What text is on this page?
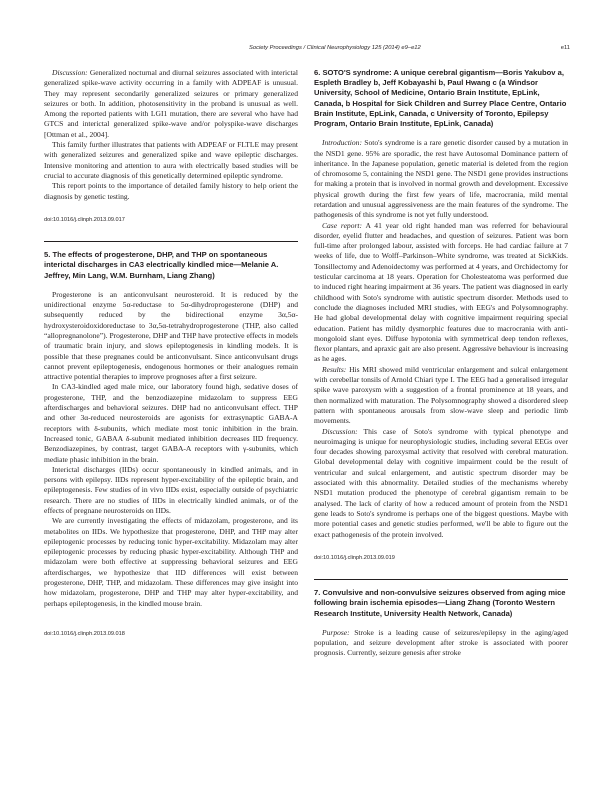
Society Proceedings / Clinical Neurophysiology 125 (2014) e9–e12	e11

Discussion: Generalized nocturnal and diurnal seizures associated with interictal generalized spike-wave activity occurring in a family with ADPEAF is unusual. They may represent secondarily generalized seizures or primary generalized seizures or both. In addition, photosensitivity in the proband is unusual as well. Among the reported patients with LGI1 mutation, there are several who have had GTCS and interictal generalized spike-wave and/or polyspike-wave discharges [Ottman et al., 2004].

This family further illustrates that patients with ADPEAF or FLTLE may present with generalized seizures and generalized spike and wave epileptic discharges. Intensive monitoring and attention to aura with electrically based studies will be crucial to accurate diagnosis of this genetically determined epileptic syndrome.

This report points to the importance of detailed family history to help orient the diagnosis by genetic testing.

doi:10.1016/j.clinph.2013.09.017
5. The effects of progesterone, DHP, and THP on spontaneous interictal discharges in CA3 electrically kindled mice—Melanie A. Jeffrey, Min Lang, W.M. Burnham, Liang Zhang)

Progesterone is an anticonvulsant neurosteroid. It is reduced by the unidirectional enzyme 5α-reductase to 5α-dihydroprogesterone (DHP) and subsequently reduced by the bidirectional enzyme 3α,5α- hydroxysteroidoxidoreductase to 3α,5α-tetrahydroprogesterone (THP, also called “allopregnanolone”). Progesterone, DHP and THP have protective effects in models of traumatic brain injury, and slows epileptogenesis in kindling models. It is possible that these pregnanes could be anticonvulsant. Since anticonvulsant drugs cannot prevent epileptogenesis, endogenous hormones or their analogues remain attractive potential therapies to improve prognoses after a first seizure.

In CA3-kindled aged male mice, our laboratory found high, sedative doses of progesterone, THP, and the benzodiazepine midazolam to suppress EEG afterdischarges and behavioral seizures. DHP had no anticonvulsant effect. THP and other 3α-reduced neurosteroids are agonists for extrasynaptic GABA-A receptors with δ-subunits, which mediate most tonic inhibition in the brain. Increased tonic, GABAA δ-subunit mediated inhibition decreases IID frequency. Benzodiazepines, by contrast, target GABA-A receptors with γ-subunits, which mediate phasic inhibition in the brain.

Interictal discharges (IIDs) occur spontaneously in kindled animals, and in persons with epilepsy. IIDs represent hyper-excitability of the epileptic brain, and epileptogenesis. Few studies of in vivo IIDs exist, especially outside of psychiatric research. There are no studies of IIDs in electrically kindled animals, or of the effects of pregnane neurosteroids on IIDs.

We are currently investigating the effects of midazolam, progesterone, and its metabolites on IIDs. We hypothesize that progesterone, DHP, and THP may alter epileptogenic processes by reducing tonic hyper-excitability. Midazolam may alter epileptogenic processes by reducing phasic hyper-excitability. Although THP and midazolam were both effective at suppressing behavioral seizures and EEG afterdischarges, we hypothesize that IID differences will exist between progesterone, DHP, THP, and midazolam. These differences may give insight into how midazolam, progesterone, DHP and THP may alter hyper-excitability, and perhaps epileptogenesis, in the kindled mouse brain.

doi:10.1016/j.clinph.2013.09.018
6. SOTO'S syndrome: A unique cerebral gigantism—Boris Yakubov a, Espleth Bradley b, Jeff Kobayashi b, Paul Hwang c (a Windsor University, School of Medicine, Ontario Brain Institute, EpLink, Canada, b Hospital for Sick Children and Surrey Place Centre, Ontario Brain Institute, EpLink, Canada, c University of Toronto, Epilepsy Program, Ontario Brain Institute, EpLink, Canada)

Introduction: Soto's syndrome is a rare genetic disorder caused by a mutation in the NSD1 gene. 95% are sporadic, the rest have Autosomal Dominance pattern of inheritance. In the Japanese population, genetic material is deleted from the region of chromosome 5, containing the NSD1 gene. The NSD1 gene provides instructions for making a protein that is involved in normal growth and development. Excessive physical growth during the first few years of life, macrocrania, mild mental retardation and unusual aggressiveness are the main features of the syndrome. The pathogenesis of this syndrome is not yet fully understood.

Case report: A 41 year old right handed man was referred for behavioural disorder, eyelid flutter and headaches, and question of seizures. Patient was born full-time after prolonged labour, assisted with forceps. He had cardiac failure at 7 weeks of life, due to Wolff–Parkinson–White syndrome, was treated at SickKids. Tonsillectomy and Adenoidectomy was performed at 4 years, and Orchidectomy for testicular carcinoma at 18 years. Operation for Cholesteatoma was performed due to induced right hearing impairment at 36 years. The patient was diagnosed in early childhood with Soto's syndrome with autistic spectrum disorder. Methods used to conclude the diagnoses included MRI studies, with EEG's and Polysomnography. He had global developmental delay with cognitive impairment requiring special education. Patient has mildly dysmorphic features due to macrocrania with anti-mongoloid slant eyes. Diffuse hypotonia with symmetrical deep tendon reflexes, flexor plantars, and apraxic gait are also present. Aggressive behaviour is increasing as he ages.

Results: His MRI showed mild ventricular enlargement and sulcal enlargement with cerebellar tonsils of Arnold Chiari type I. The EEG had a generalised irregular spike wave paroxysm with a suggestion of a frontal prominence at 18 years, and then normalized with maturation. The Polysomnography showed a disordered sleep pattern with spontaneous arousals from slow-wave sleep and periodic limb movements.

Discussion: This case of Soto's syndrome with typical phenotype and neuroimaging is unique for neurophysiologic studies, including several EEGs over four decades showing paroxysmal activity that resolved with cerebral maturation. Global developmental delay with cognitive impairment could be the result of ventricular and sulcal enlargement, and autistic spectrum disorder may be associated with this abnormality. Detailed studies of the mechanisms whereby NSD1 mutation produced the phenotype of cerebral gigantism remain to be analysed. The lack of clarity of how a reduced amount of protein from the NSD1 gene leads to Soto's syndrome is perhaps one of the biggest questions. Maybe with more potential cases and genetic studies performed, we'll be able to figure out the exact pathogenesis of the protein involved.

doi:10.1016/j.clinph.2013.09.019
7. Convulsive and non-convulsive seizures observed from aging mice following brain ischemia episodes—Liang Zhang (Toronto Western Research Institute, University Health Network, Canada)

Purpose: Stroke is a leading cause of seizures/epilepsy in the aging/aged population, and seizure development after stroke is associated with poorer prognosis. Currently, seizure genesis after stroke
